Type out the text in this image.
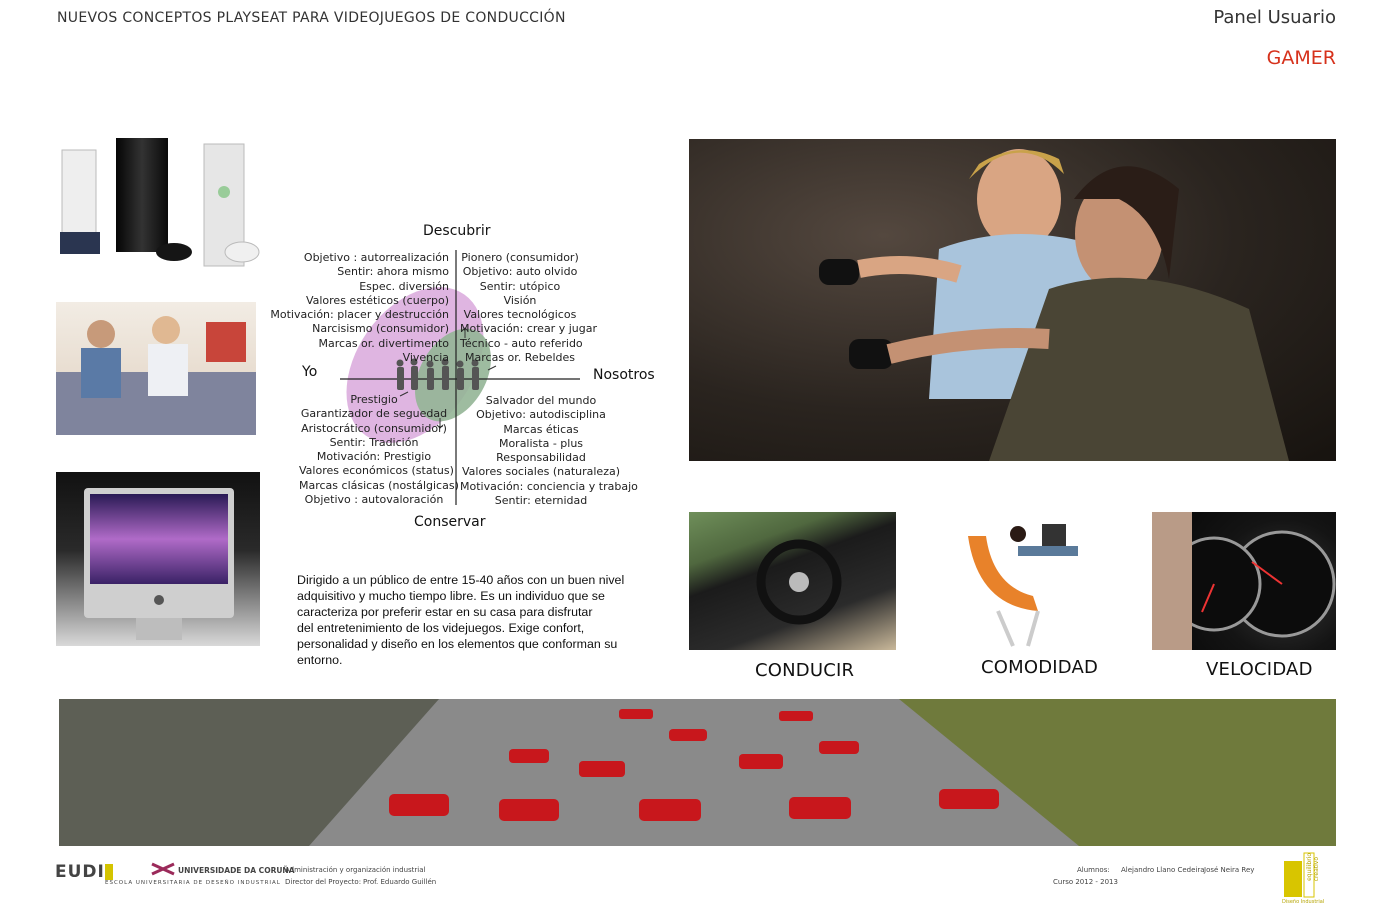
NUEVOS CONCEPTOS PLAYSEAT PARA VIDEOJUEGOS DE CONDUCCIÓN	Panel Usuario
GAMER
Descubrir
Conservar
Yo	Nosotros
Objetivo : autorrealización
Sentir: ahora mismo
Espec. diversión
Valores estéticos (cuerpo)
Motivación: placer y destrucción
Narcisismo (consumidor)
Marcas or. divertimento
Vivencia
Pionero (consumidor)
Objetivo: auto olvido
Sentir: utópico
Visión
Valores tecnológicos
Motivación: crear y jugar
Técnico - auto referido
Marcas or. Rebeldes
Prestigio
Garantizador de seguedad
Aristocrático (consumidor)
Sentir: Tradición
Motivación: Prestigio
Valores económicos (status)
Marcas clásicas (nostálgicas)
Objetivo : autovaloración
Salvador del mundo
Objetivo: autodisciplina
Marcas éticas
Moralista - plus
Responsabilidad
Valores sociales (naturaleza)
Motivación: conciencia y trabajo
Sentir: eternidad
Dirigido a un público de entre 15-40 años con un buen nivel
adquisitivo y mucho tiempo libre. Es un individuo que se
caracteriza por preferir estar en su casa para disfrutar
del entretenimiento de los videjuegos. Exige confort,
personalidad y diseño en los elementos que conforman su
entorno.	CONDUCIR	COMODIDAD	VELOCIDAD
EUDI
ESCOLA UNIVERSITARIA DE DESEÑO INDUSTRIAL
UNIVERSIDADE DA CORUÑA
Administración y organización industrial
Director del Proyecto: Prof. Eduardo Guillén
Alumnos: Alejandro Llano Cedeira José Neira Rey
Curso 2012 - 2013
equilibrio creativo
Diseño Industrial
